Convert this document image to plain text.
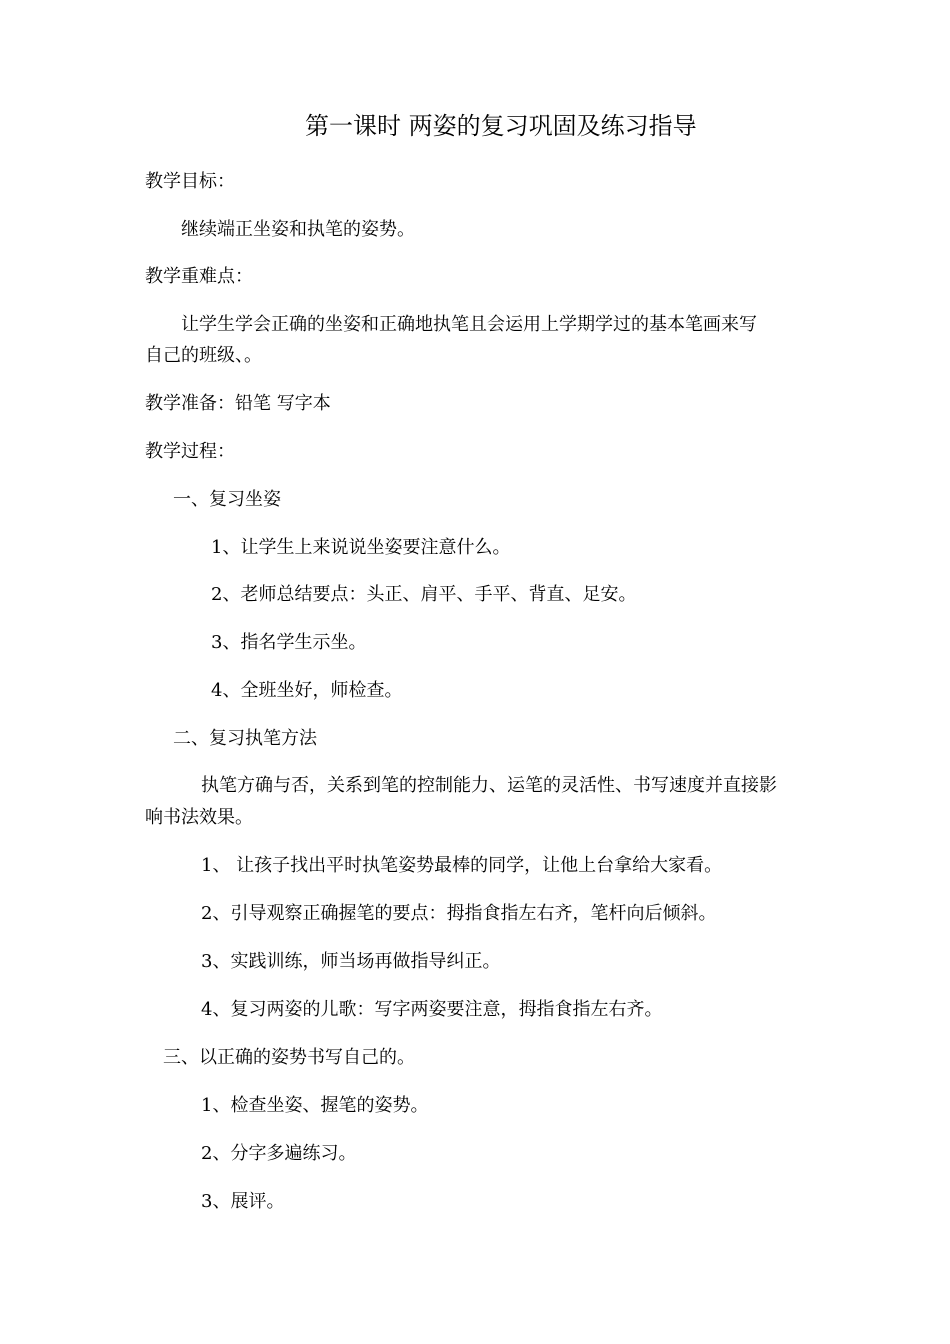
第一课时 两姿的复习巩固及练习指导
教学目标：
继续端正坐姿和执笔的姿势。
教学重难点：
让学生学会正确的坐姿和正确地执笔且会运用上学期学过的基本笔画来写
自己的班级、。
教学准备：铅笔 写字本
教学过程：
一、复习坐姿
1、让学生上来说说坐姿要注意什么。
2、老师总结要点：头正、肩平、手平、背直、足安。
3、指名学生示坐。
4、全班坐好，师检查。
二、复习执笔方法
执笔方确与否，关系到笔的控制能力、运笔的灵活性、书写速度并直接影
响书法效果。
1、 让孩子找出平时执笔姿势最棒的同学，让他上台拿给大家看。
2、引导观察正确握笔的要点：拇指食指左右齐，笔杆向后倾斜。
3、实践训练，师当场再做指导纠正。
4、复习两姿的儿歌：写字两姿要注意，拇指食指左右齐。
三、以正确的姿势书写自己的。
1、检查坐姿、握笔的姿势。
2、分字多遍练习。
3、展评。
